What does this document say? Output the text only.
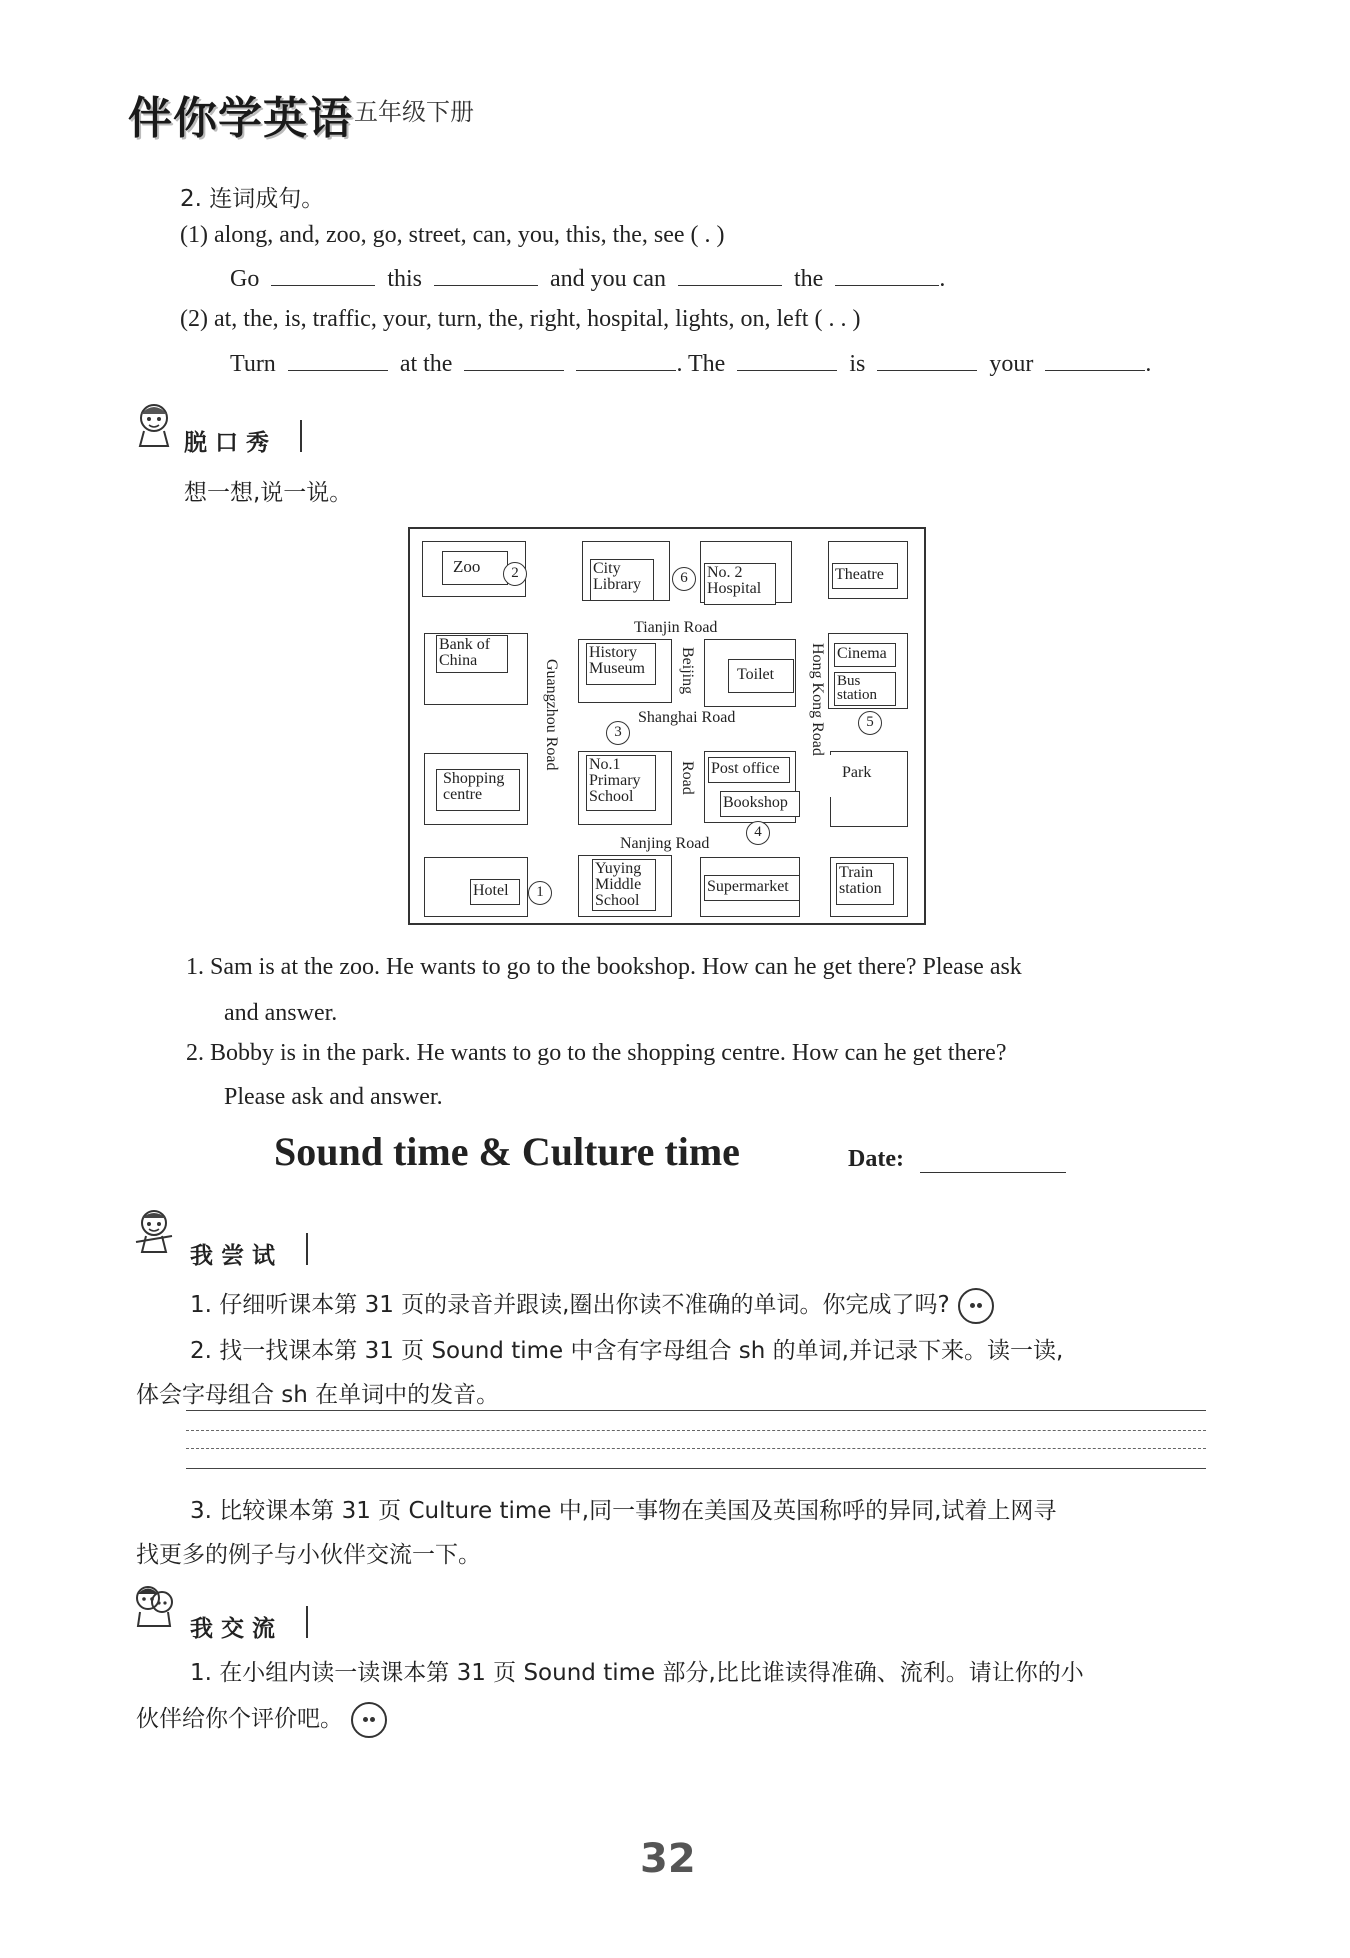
伴你学英语 五年级下册
2. 连词成句。
(1) along, and, zoo, go, street, can, you, this, the, see ( . )
Go	this	and you can	the	.
(2) at, the, is, traffic, your, turn, the, right, hospital, lights, on, left ( . . )
Turn	at the	. The	is	your	.
脱口秀
想一想,说一说。
Zoo	2	City Library	6	No. 2 Hospital
Theatre
Tianjin Road
Bank of China	History Museum	Toilet
Cinema
Bus station
5
Shanghai Road
3
Shopping centre
No.1 Primary School
Post office
Bookshop
4
Park
Nanjing Road
Hotel	1
Yuying Middle School
Supermarket
Train station
Guangzhou Road	Beijing
Road
Hong Kong Road
1. Sam is at the zoo. He wants to go to the bookshop. How can he get there? Please ask
and answer.
2. Bobby is in the park. He wants to go to the shopping centre. How can he get there?
Please ask and answer.
Sound time & Culture time	Date:
我尝试
1. 仔细听课本第 31 页的录音并跟读,圈出你读不准确的单词。你完成了吗?
2. 找一找课本第 31 页 Sound time 中含有字母组合 sh 的单词,并记录下来。读一读,
体会字母组合 sh 在单词中的发音。
3. 比较课本第 31 页 Culture time 中,同一事物在美国及英国称呼的异同,试着上网寻
找更多的例子与小伙伴交流一下。
我交流
1. 在小组内读一读课本第 31 页 Sound time 部分,比比谁读得准确、流利。请让你的小
伙伴给你个评价吧。
32
